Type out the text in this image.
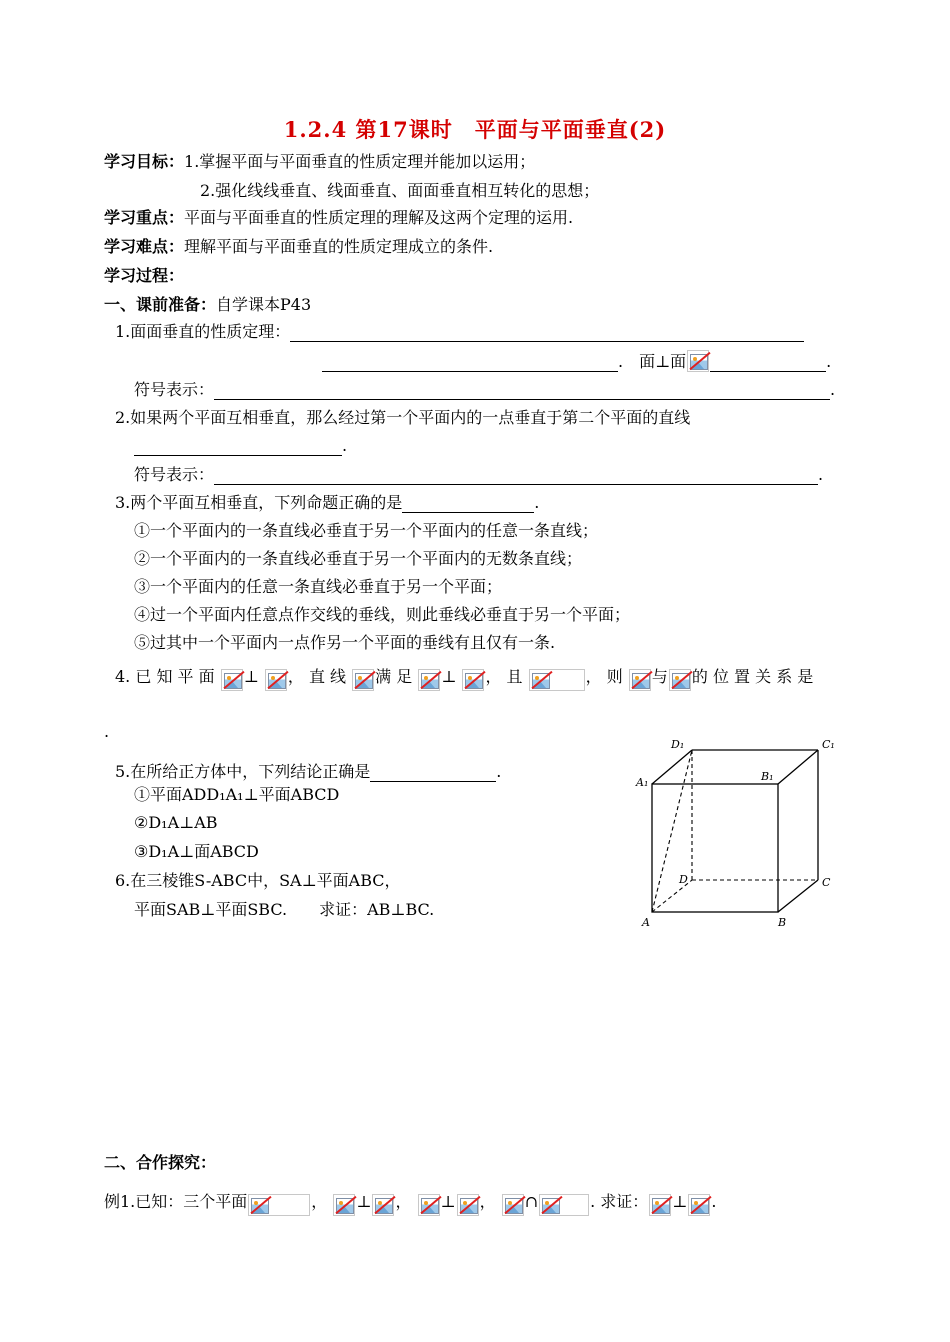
1.2.4 第17课时　平面与平面垂直(2)
学习目标：1.掌握平面与平面垂直的性质定理并能加以运用；
2.强化线线垂直、线面垂直、面面垂直相互转化的思想；
学习重点：平面与平面垂直的性质定理的理解及这两个定理的运用.
学习难点：理解平面与平面垂直的性质定理成立的条件.
学习过程：
一、课前准备：自学课本P43
1.面面垂直的性质定理：
.　面⊥面	.
符号表示：	.
2.如果两个平面互相垂直，那么经过第一个平面内的一点垂直于第二个平面的直线
.
符号表示：	.
3.两个平面互相垂直，下列命题正确的是	.
①一个平面内的一条直线必垂直于另一个平面内的任意一条直线；
②一个平面内的一条直线必垂直于另一个平面内的无数条直线；
③一个平面内的任意一条直线必垂直于另一个平面；
④过一个平面内任意点作交线的垂线，则此垂线必垂直于另一个平面；
⑤过其中一个平面内一点作另一个平面的垂线有且仅有一条.
4. 已 知 平 面 ⊥ ， 直 线 满 足 ⊥ ， 且	， 则 与 的 位 置 关 系 是
.
5.在所给正方体中，下列结论正确是	.
①平面ADD₁A₁⊥平面ABCD
②D₁A⊥AB
③D₁A⊥面ABCD
6.在三棱锥S-ABC中，SA⊥平面ABC，
平面SAB⊥平面SBC.　　求证：AB⊥BC.
A₁
D₁	C₁
B₁
D	C
A	B
二、合作探究：
例1.已知：三个平面	， ⊥ ， ⊥ ， ∩	. 求证： ⊥ .
